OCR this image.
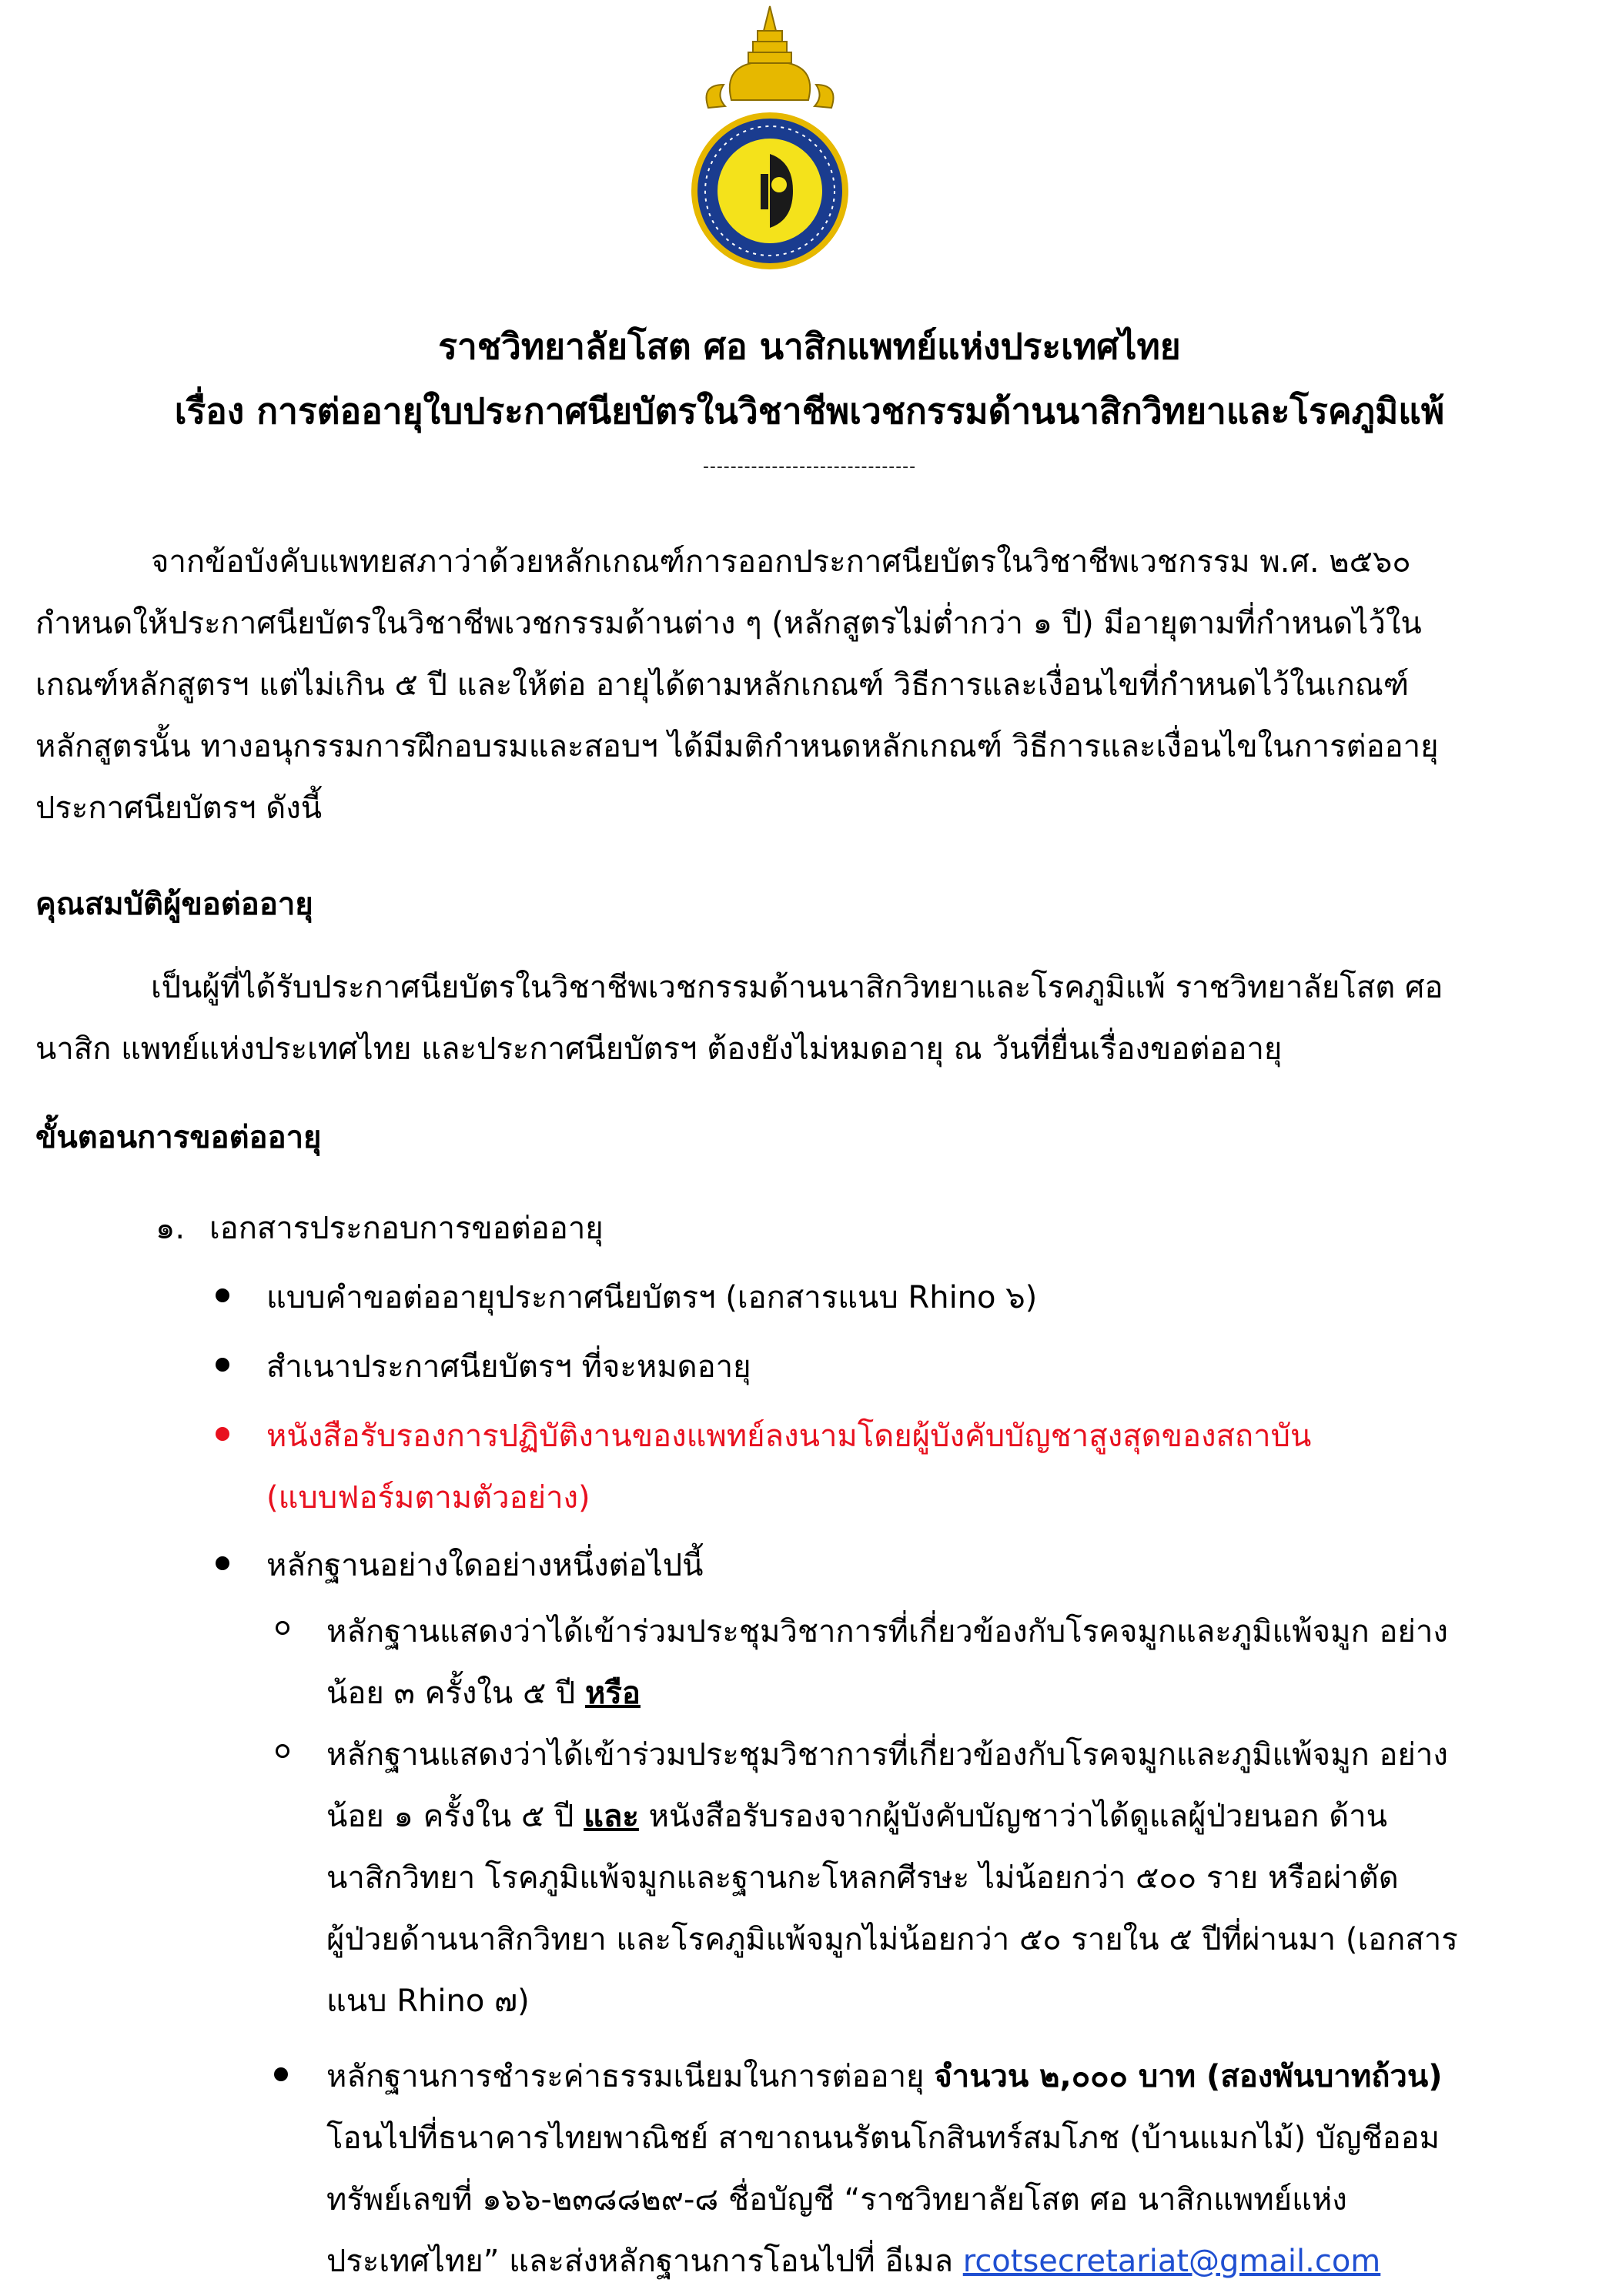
ราชวิทยาลัยโสต ศอ นาสิกแพทย์แห่งประเทศไทย
เรื่อง การต่ออายุใบประกาศนียบัตรในวิชาชีพเวชกรรมด้านนาสิกวิทยาและโรคภูมิแพ้
-------------------------------
จากข้อบังคับแพทยสภาว่าด้วยหลักเกณฑ์การออกประกาศนียบัตรในวิชาชีพเวชกรรม พ.ศ. ๒๕๖๐
กำหนดให้ประกาศนียบัตรในวิชาชีพเวชกรรมด้านต่าง ๆ (หลักสูตรไม่ต่ำกว่า ๑ ปี) มีอายุตามที่กำหนดไว้ใน
เกณฑ์หลักสูตรฯ แต่ไม่เกิน ๕ ปี และให้ต่อ อายุได้ตามหลักเกณฑ์ วิธีการและเงื่อนไขที่กำหนดไว้ในเกณฑ์
หลักสูตรนั้น ทางอนุกรรมการฝึกอบรมและสอบฯ ได้มีมติกำหนดหลักเกณฑ์ วิธีการและเงื่อนไขในการต่ออายุ
ประกาศนียบัตรฯ ดังนี้
คุณสมบัติผู้ขอต่ออายุ
เป็นผู้ที่ได้รับประกาศนียบัตรในวิชาชีพเวชกรรมด้านนาสิกวิทยาและโรคภูมิแพ้ ราชวิทยาลัยโสต ศอ
นาสิก แพทย์แห่งประเทศไทย และประกาศนียบัตรฯ ต้องยังไม่หมดอายุ ณ วันที่ยื่นเรื่องขอต่ออายุ
ขั้นตอนการขอต่ออายุ
๑. เอกสารประกอบการขอต่ออายุ
แบบคำขอต่ออายุประกาศนียบัตรฯ (เอกสารแนบ Rhino ๖)
สำเนาประกาศนียบัตรฯ ที่จะหมดอายุ
หนังสือรับรองการปฏิบัติงานของแพทย์ลงนามโดยผู้บังคับบัญชาสูงสุดของสถาบัน
(แบบฟอร์มตามตัวอย่าง)
หลักฐานอย่างใดอย่างหนึ่งต่อไปนี้
หลักฐานแสดงว่าได้เข้าร่วมประชุมวิชาการที่เกี่ยวข้องกับโรคจมูกและภูมิแพ้จมูก อย่าง
น้อย ๓ ครั้งใน ๕ ปี หรือ
หลักฐานแสดงว่าได้เข้าร่วมประชุมวิชาการที่เกี่ยวข้องกับโรคจมูกและภูมิแพ้จมูก อย่าง
น้อย ๑ ครั้งใน ๕ ปี และ หนังสือรับรองจากผู้บังคับบัญชาว่าได้ดูแลผู้ป่วยนอก ด้าน
นาสิกวิทยา โรคภูมิแพ้จมูกและฐานกะโหลกศีรษะ ไม่น้อยกว่า ๕๐๐ ราย หรือผ่าตัด
ผู้ป่วยด้านนาสิกวิทยา และโรคภูมิแพ้จมูกไม่น้อยกว่า ๕๐ รายใน ๕ ปีที่ผ่านมา (เอกสาร
แนบ Rhino ๗)
หลักฐานการชำระค่าธรรมเนียมในการต่ออายุ จำนวน ๒,๐๐๐ บาท (สองพันบาทถ้วน)
โอนไปที่ธนาคารไทยพาณิชย์ สาขาถนนรัตนโกสินทร์สมโภช (บ้านแมกไม้) บัญชีออม
ทรัพย์เลขที่ ๑๖๖-๒๓๘๘๒๙-๘ ชื่อบัญชี “ราชวิทยาลัยโสต ศอ นาสิกแพทย์แห่ง
ประเทศไทย” และส่งหลักฐานการโอนไปที่ อีเมล rcotsecretariat@gmail.com
